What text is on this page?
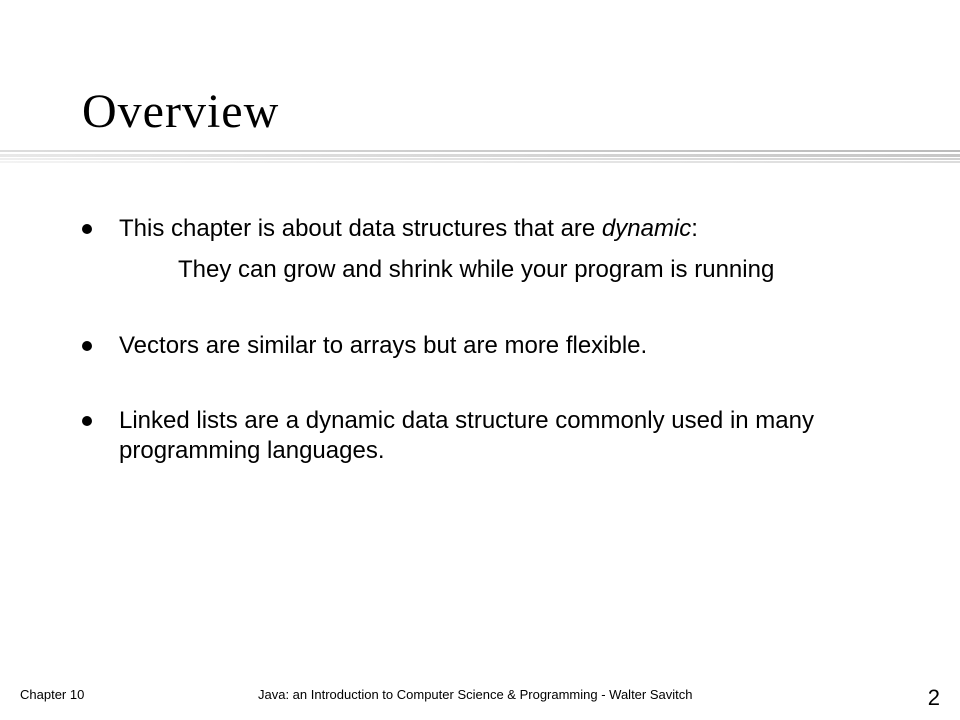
Overview
This chapter is about data structures that are dynamic:
They can grow and shrink while your program is running
Vectors are similar to arrays but are more flexible.
Linked lists are a dynamic data structure commonly used in many programming languages.
Chapter 10	Java: an Introduction to Computer Science & Programming - Walter Savitch	2
